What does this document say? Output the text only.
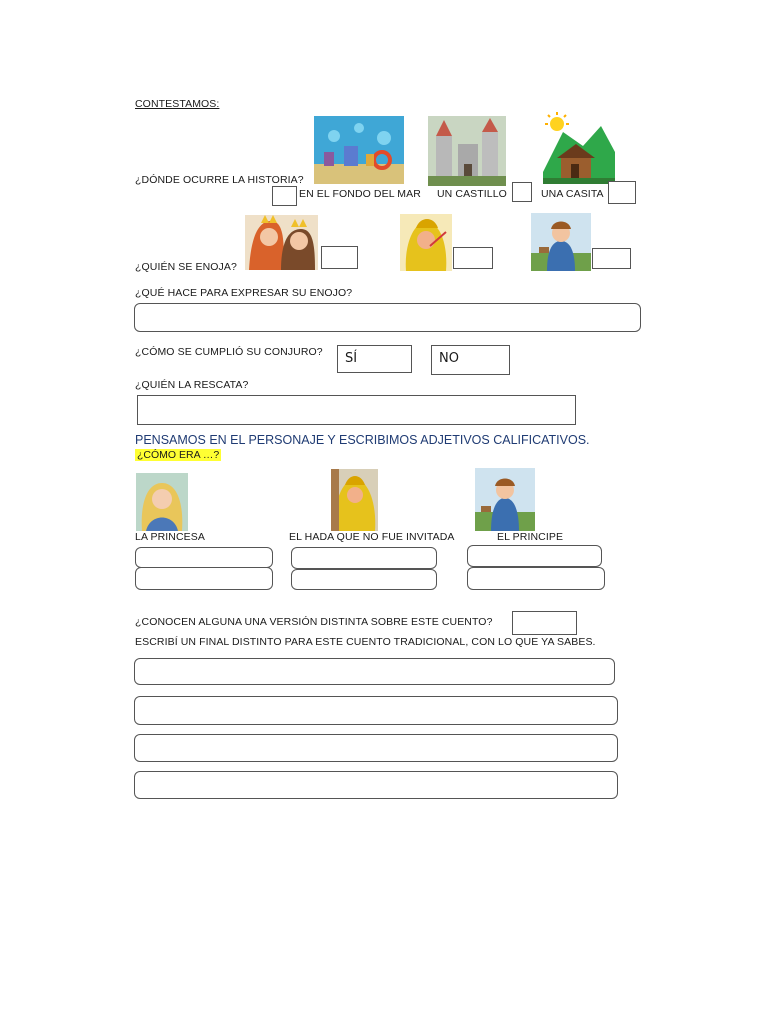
CONTESTAMOS:
¿DÓNDE OCURRE LA HISTORIA?
EN EL FONDO DEL MAR UN CASTILLO	UNA CASITA
¿QUIÉN SE ENOJA?
¿QUÉ HACE PARA EXPRESAR SU ENOJO?
¿CÓMO SE CUMPLIÓ SU CONJURO? SÍ	NO
¿QUIÉN LA RESCATA?
PENSAMOS EN EL PERSONAJE Y ESCRIBIMOS ADJETIVOS CALIFICATIVOS.
¿CÓMO ERA …?
LA PRINCESA	EL HADA QUE NO FUE INVITADA	EL PRINCIPE
¿CONOCEN ALGUNA UNA VERSIÓN DISTINTA SOBRE ESTE CUENTO?
ESCRIBÍ UN FINAL DISTINTO PARA ESTE CUENTO TRADICIONAL, CON LO QUE YA SABES.
